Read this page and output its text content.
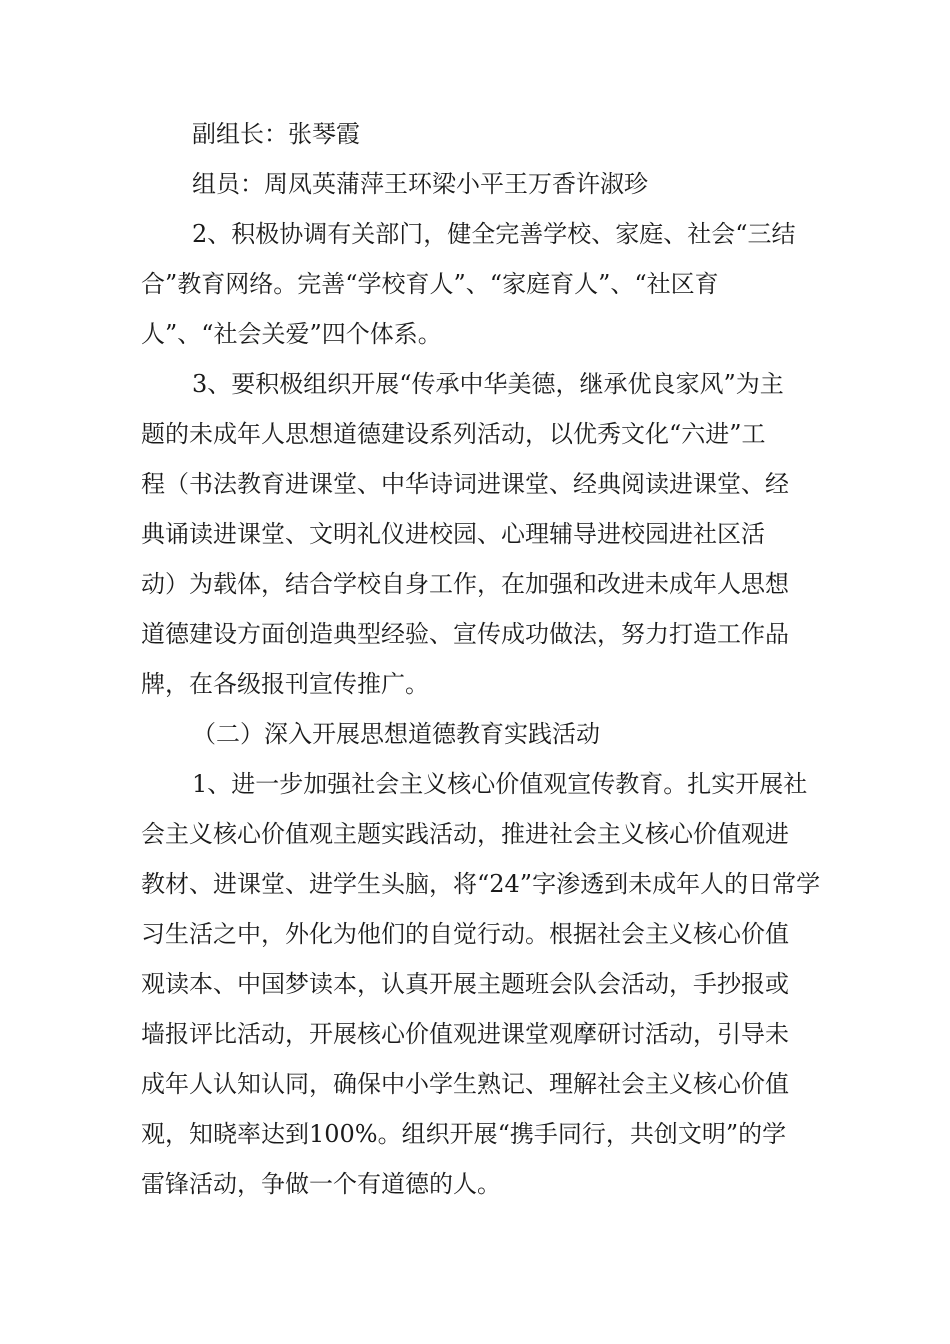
副组长：张琴霞
组员：周凤英蒲萍王环梁小平王万香许淑珍
2、积极协调有关部门，健全完善学校、家庭、社会“三结
合”教育网络。完善“学校育人”、“家庭育人”、“社区育
人”、“社会关爱”四个体系。
3、要积极组织开展“传承中华美德，继承优良家风”为主
题的未成年人思想道德建设系列活动，以优秀文化“六进”工
程（书法教育进课堂、中华诗词进课堂、经典阅读进课堂、经
典诵读进课堂、文明礼仪进校园、心理辅导进校园进社区活
动）为载体，结合学校自身工作，在加强和改进未成年人思想
道德建设方面创造典型经验、宣传成功做法，努力打造工作品
牌，在各级报刊宣传推广。
（二）深入开展思想道德教育实践活动
1、进一步加强社会主义核心价值观宣传教育。扎实开展社
会主义核心价值观主题实践活动，推进社会主义核心价值观进
教材、进课堂、进学生头脑，将“24”字渗透到未成年人的日常学
习生活之中，外化为他们的自觉行动。根据社会主义核心价值
观读本、中国梦读本，认真开展主题班会队会活动，手抄报或
墙报评比活动，开展核心价值观进课堂观摩研讨活动，引导未
成年人认知认同，确保中小学生熟记、理解社会主义核心价值
观，知晓率达到100%。组织开展“携手同行，共创文明”的学
雷锋活动，争做一个有道德的人。
